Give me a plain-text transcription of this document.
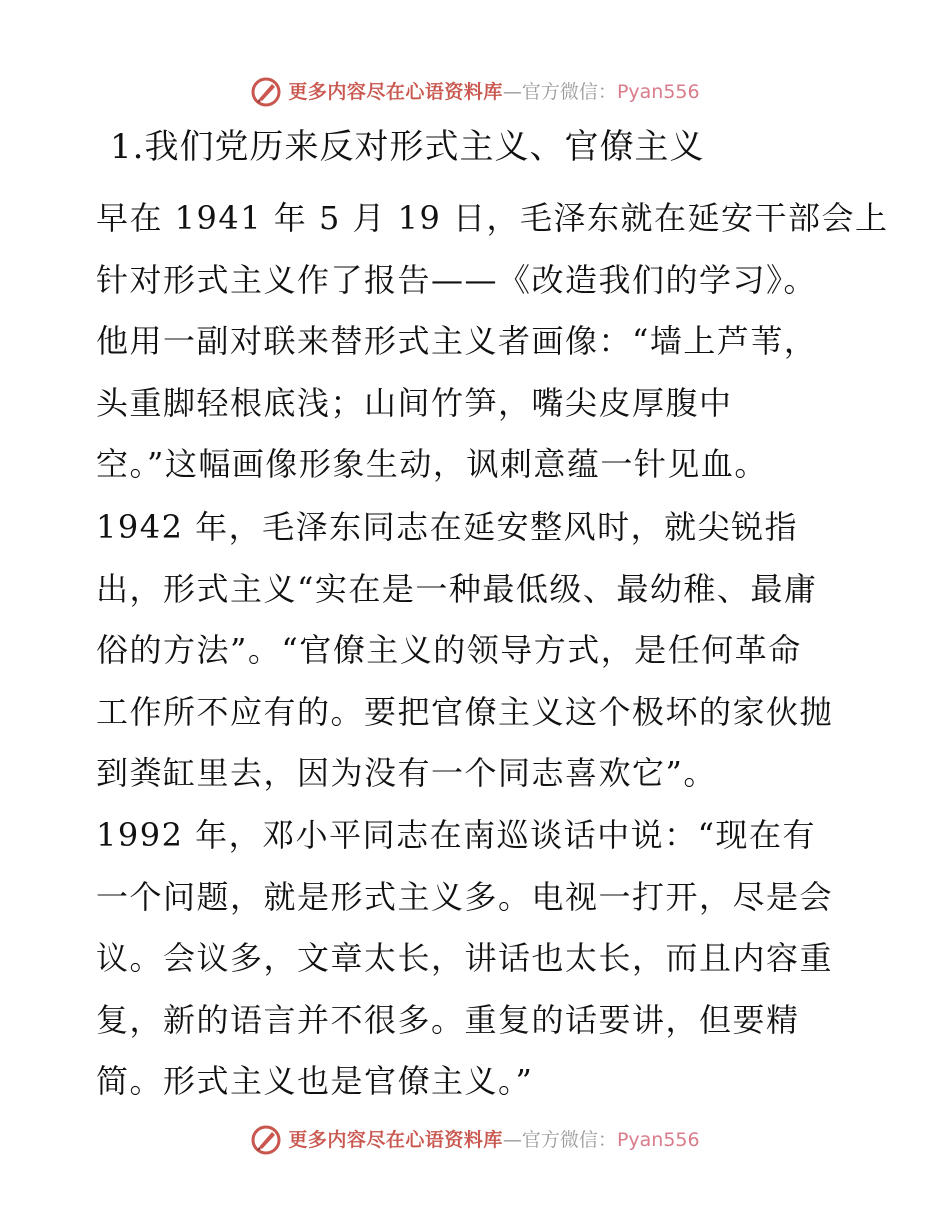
更多内容尽在心语资料库 — 官方微信： Pyan556
1.我们党历来反对形式主义、官僚主义
早在 1941 年 5 月 19 日，毛泽东就在延安干部会上
针对形式主义作了报告——《改造我们的学习》。
他用一副对联来替形式主义者画像：“墙上芦苇，
头重脚轻根底浅；山间竹笋，嘴尖皮厚腹中
空。”这幅画像形象生动，讽刺意蕴一针见血。
1942 年，毛泽东同志在延安整风时，就尖锐指
出，形式主义“实在是一种最低级、最幼稚、最庸
俗的方法”。“官僚主义的领导方式，是任何革命
工作所不应有的。要把官僚主义这个极坏的家伙抛
到粪缸里去，因为没有一个同志喜欢它”。
1992 年，邓小平同志在南巡谈话中说：“现在有
一个问题，就是形式主义多。电视一打开，尽是会
议。会议多，文章太长，讲话也太长，而且内容重
复，新的语言并不很多。重复的话要讲，但要精
简。形式主义也是官僚主义。”
更多内容尽在心语资料库 — 官方微信： Pyan556
